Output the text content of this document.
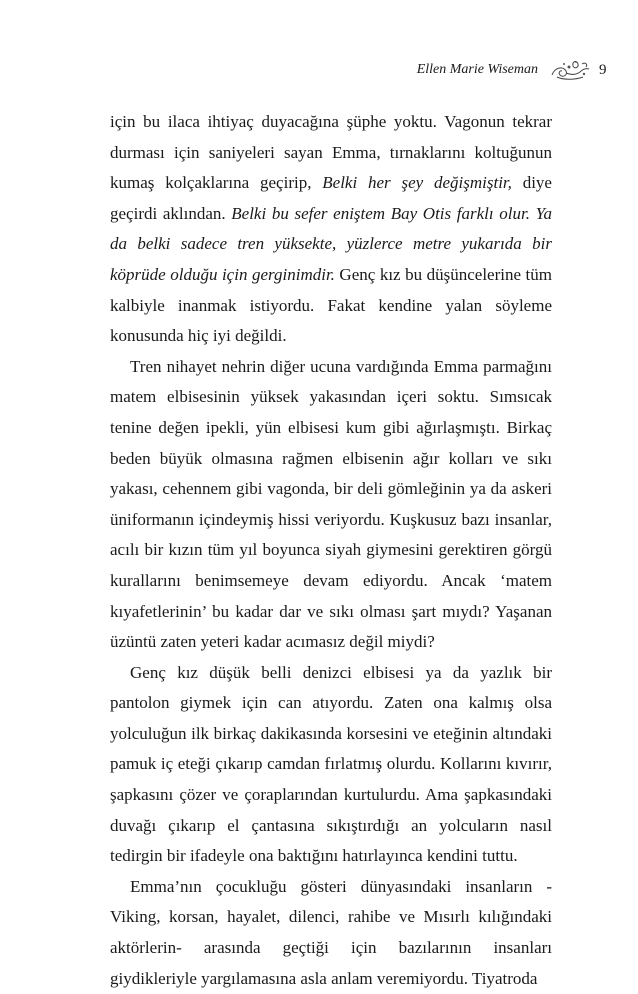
Ellen Marie Wiseman	9

için bu ilaca ihtiyaç duyacağına şüphe yoktu. Vagonun tekrar durması için saniyeleri sayan Emma, tırnaklarını koltuğunun kumaş kolçaklarına geçirip, Belki her şey değişmiştir, diye geçirdi aklından. Belki bu sefer eniştem Bay Otis farklı olur. Ya da belki sadece tren yüksekte, yüzlerce metre yukarıda bir köprüde olduğu için gerginimdir. Genç kız bu düşüncelerine tüm kalbiyle inanmak istiyordu. Fakat kendine yalan söyleme konusunda hiç iyi değildi.

Tren nihayet nehrin diğer ucuna vardığında Emma parmağını matem elbisesinin yüksek yakasından içeri soktu. Sımsıcak tenine değen ipekli, yün elbisesi kum gibi ağırlaşmıştı. Birkaç beden büyük olmasına rağmen elbisenin ağır kolları ve sıkı yakası, cehennem gibi vagonda, bir deli gömleğinin ya da askeri üniformanın içindeymiş hissi veriyordu. Kuşkusuz bazı insanlar, acılı bir kızın tüm yıl boyunca siyah giymesini gerektiren görgü kurallarını benimsemeye devam ediyordu. Ancak ‘matem kıyafetlerinin’ bu kadar dar ve sıkı olması şart mıydı? Yaşanan üzüntü zaten yeteri kadar acımasız değil miydi?

Genç kız düşük belli denizci elbisesi ya da yazlık bir pantolon giymek için can atıyordu. Zaten ona kalmış olsa yolculuğun ilk birkaç dakikasında korsesini ve eteğinin altındaki pamuk iç eteği çıkarıp camdan fırlatmış olurdu. Kollarını kıvırır, şapkasını çözer ve çoraplarından kurtulurdu. Ama şapkasındaki duvağı çıkarıp el çantasına sıkıştırdığı an yolcuların nasıl tedirgin bir ifadeyle ona baktığını hatırlayınca kendini tuttu.

Emma’nın çocukluğu gösteri dünyasındaki insanların -Viking, korsan, hayalet, dilenci, rahibe ve Mısırlı kılığındaki aktörlerin- arasında geçtiği için bazılarının insanları giydikleriyle yargılamasına asla anlam veremiyordu. Tiyatroda
